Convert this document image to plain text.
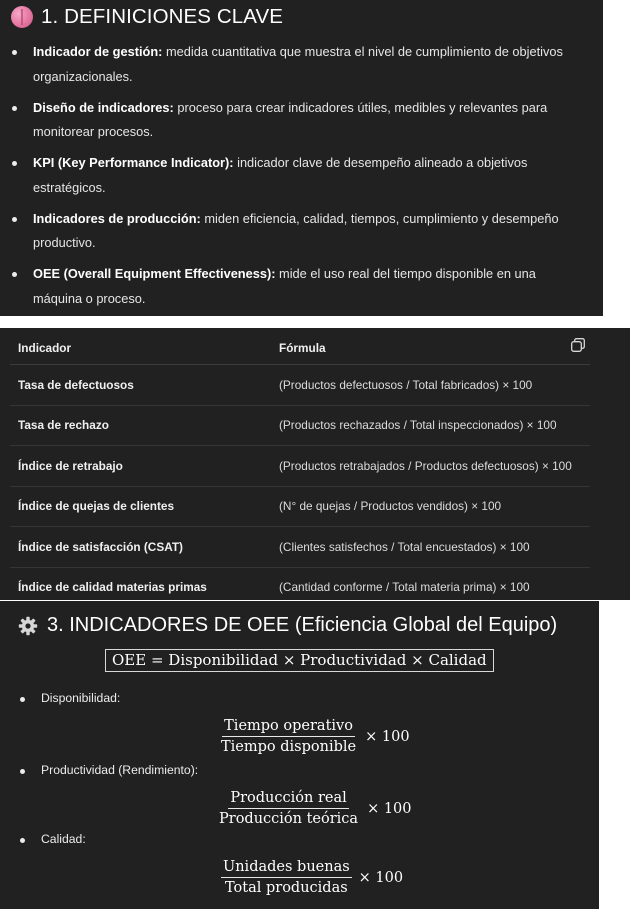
1. DEFINICIONES CLAVE
Indicador de gestión: medida cuantitativa que muestra el nivel de cumplimiento de objetivos organizacionales.
Diseño de indicadores: proceso para crear indicadores útiles, medibles y relevantes para monitorear procesos.
KPI (Key Performance Indicator): indicador clave de desempeño alineado a objetivos estratégicos.
Indicadores de producción: miden eficiencia, calidad, tiempos, cumplimiento y desempeño productivo.
OEE (Overall Equipment Effectiveness): mide el uso real del tiempo disponible en una máquina o proceso.
Indicador	Fórmula
Tasa de defectuosos	(Productos defectuosos / Total fabricados) × 100
Tasa de rechazo	(Productos rechazados / Total inspeccionados) × 100
Índice de retrabajo	(Productos retrabajados / Productos defectuosos) × 100
Índice de quejas de clientes	(N° de quejas / Productos vendidos) × 100
Índice de satisfacción (CSAT)	(Clientes satisfechos / Total encuestados) × 100
Índice de calidad materias primas	(Cantidad conforme / Total materia prima) × 100
3. INDICADORES DE OEE (Eficiencia Global del Equipo)
OEE = Disponibilidad × Productividad × Calidad
Disponibilidad:
$\frac{\text{Tiempo operativo}}{\text{Tiempo disponible}} \times 100$
Productividad (Rendimiento):
$\frac{\text{Producción real}}{\text{Producción teórica}} \times 100$
Calidad:
$\frac{\text{Unidades buenas}}{\text{Total producidas}} \times 100$
